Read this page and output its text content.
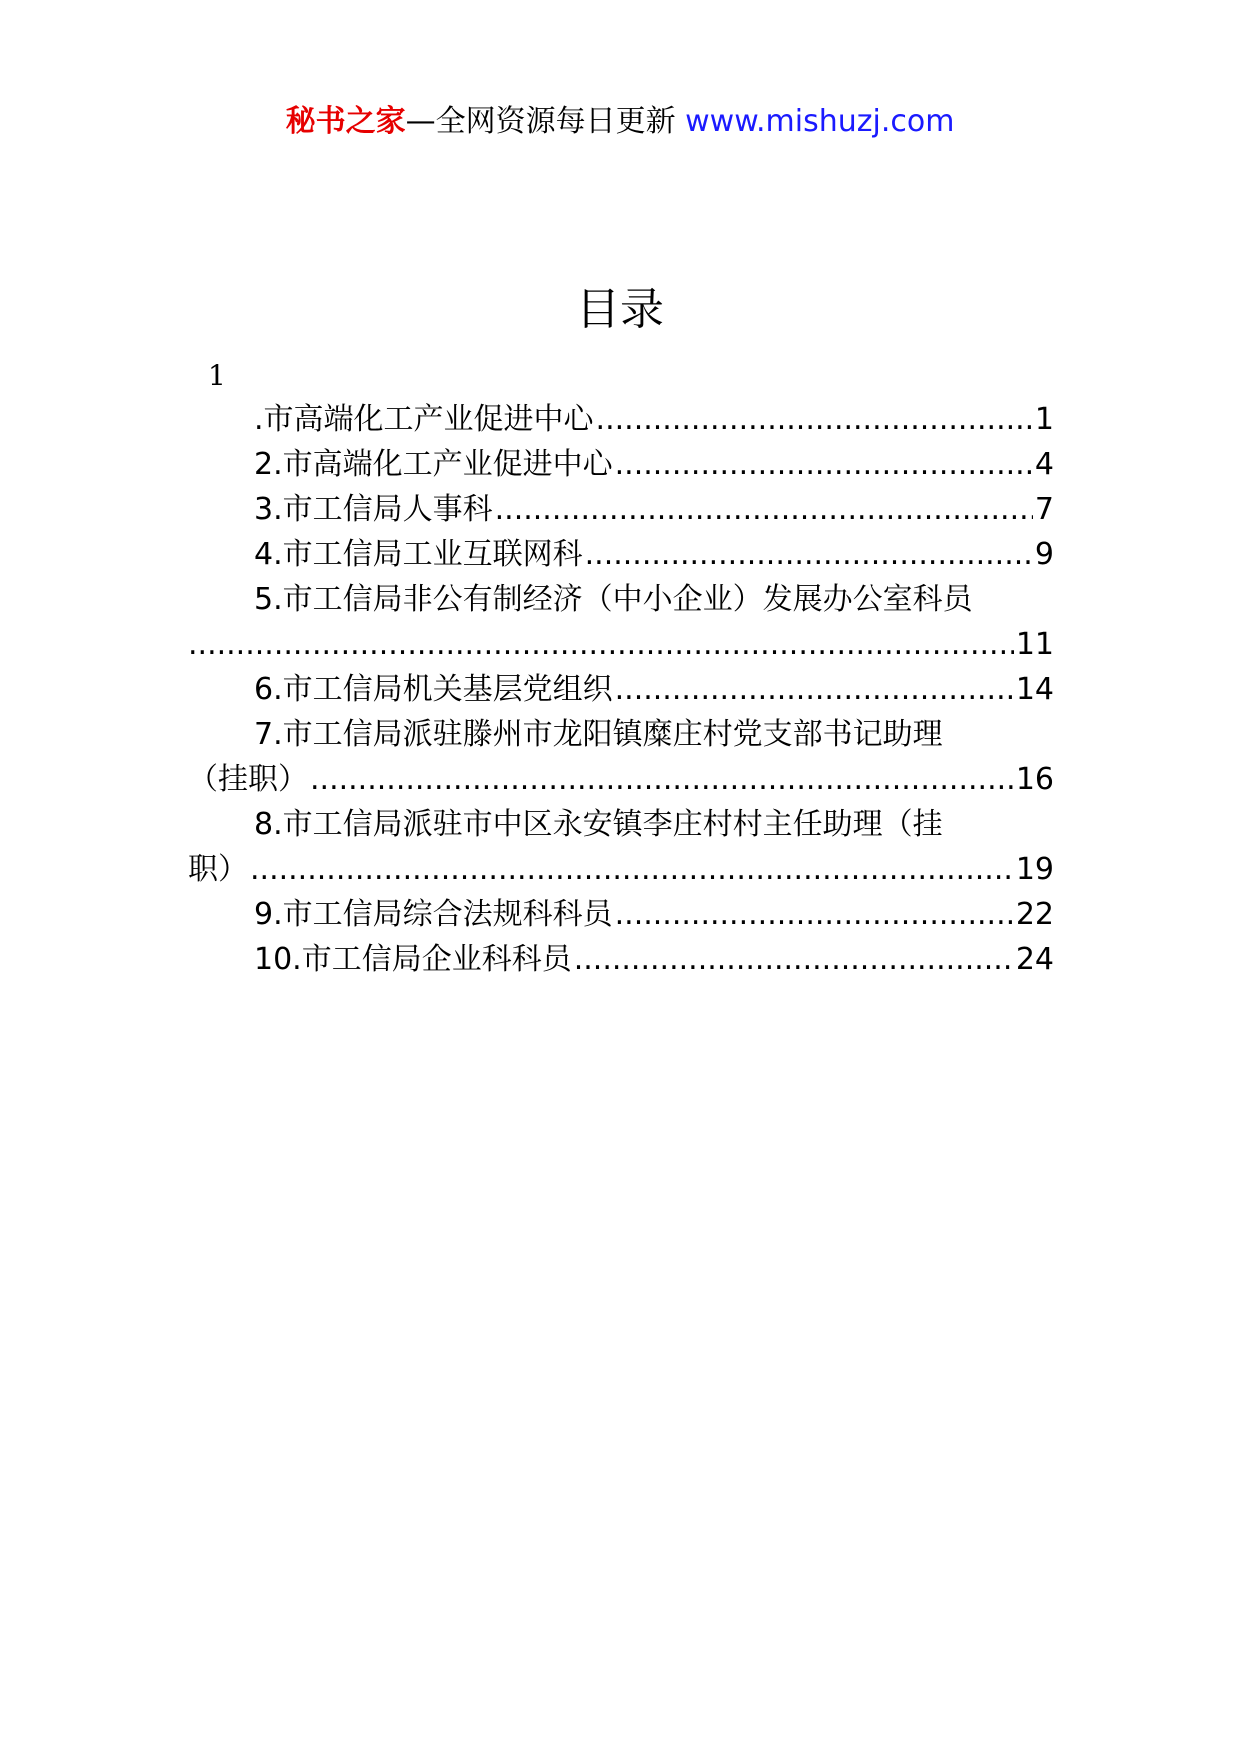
秘书之家—全网资源每日更新 www.mishuzj.com
目录
1
.市高端化工产业促进中心 .....	1
2.市高端化工产业促进中心 .....	4
3.市工信局人事科 .....	7
4.市工信局工业互联网科 .....	9
5.市工信局非公有制经济（中小企业）发展办公室科员
.....
11
6.市工信局机关基层党组织 .....	14
7.市工信局派驻滕州市龙阳镇糜庄村党支部书记助理
（挂职） .....	16
8.市工信局派驻市中区永安镇李庄村村主任助理（挂
职） .....	19
9.市工信局综合法规科科员 .....	22
10.市工信局企业科科员 .....	24
